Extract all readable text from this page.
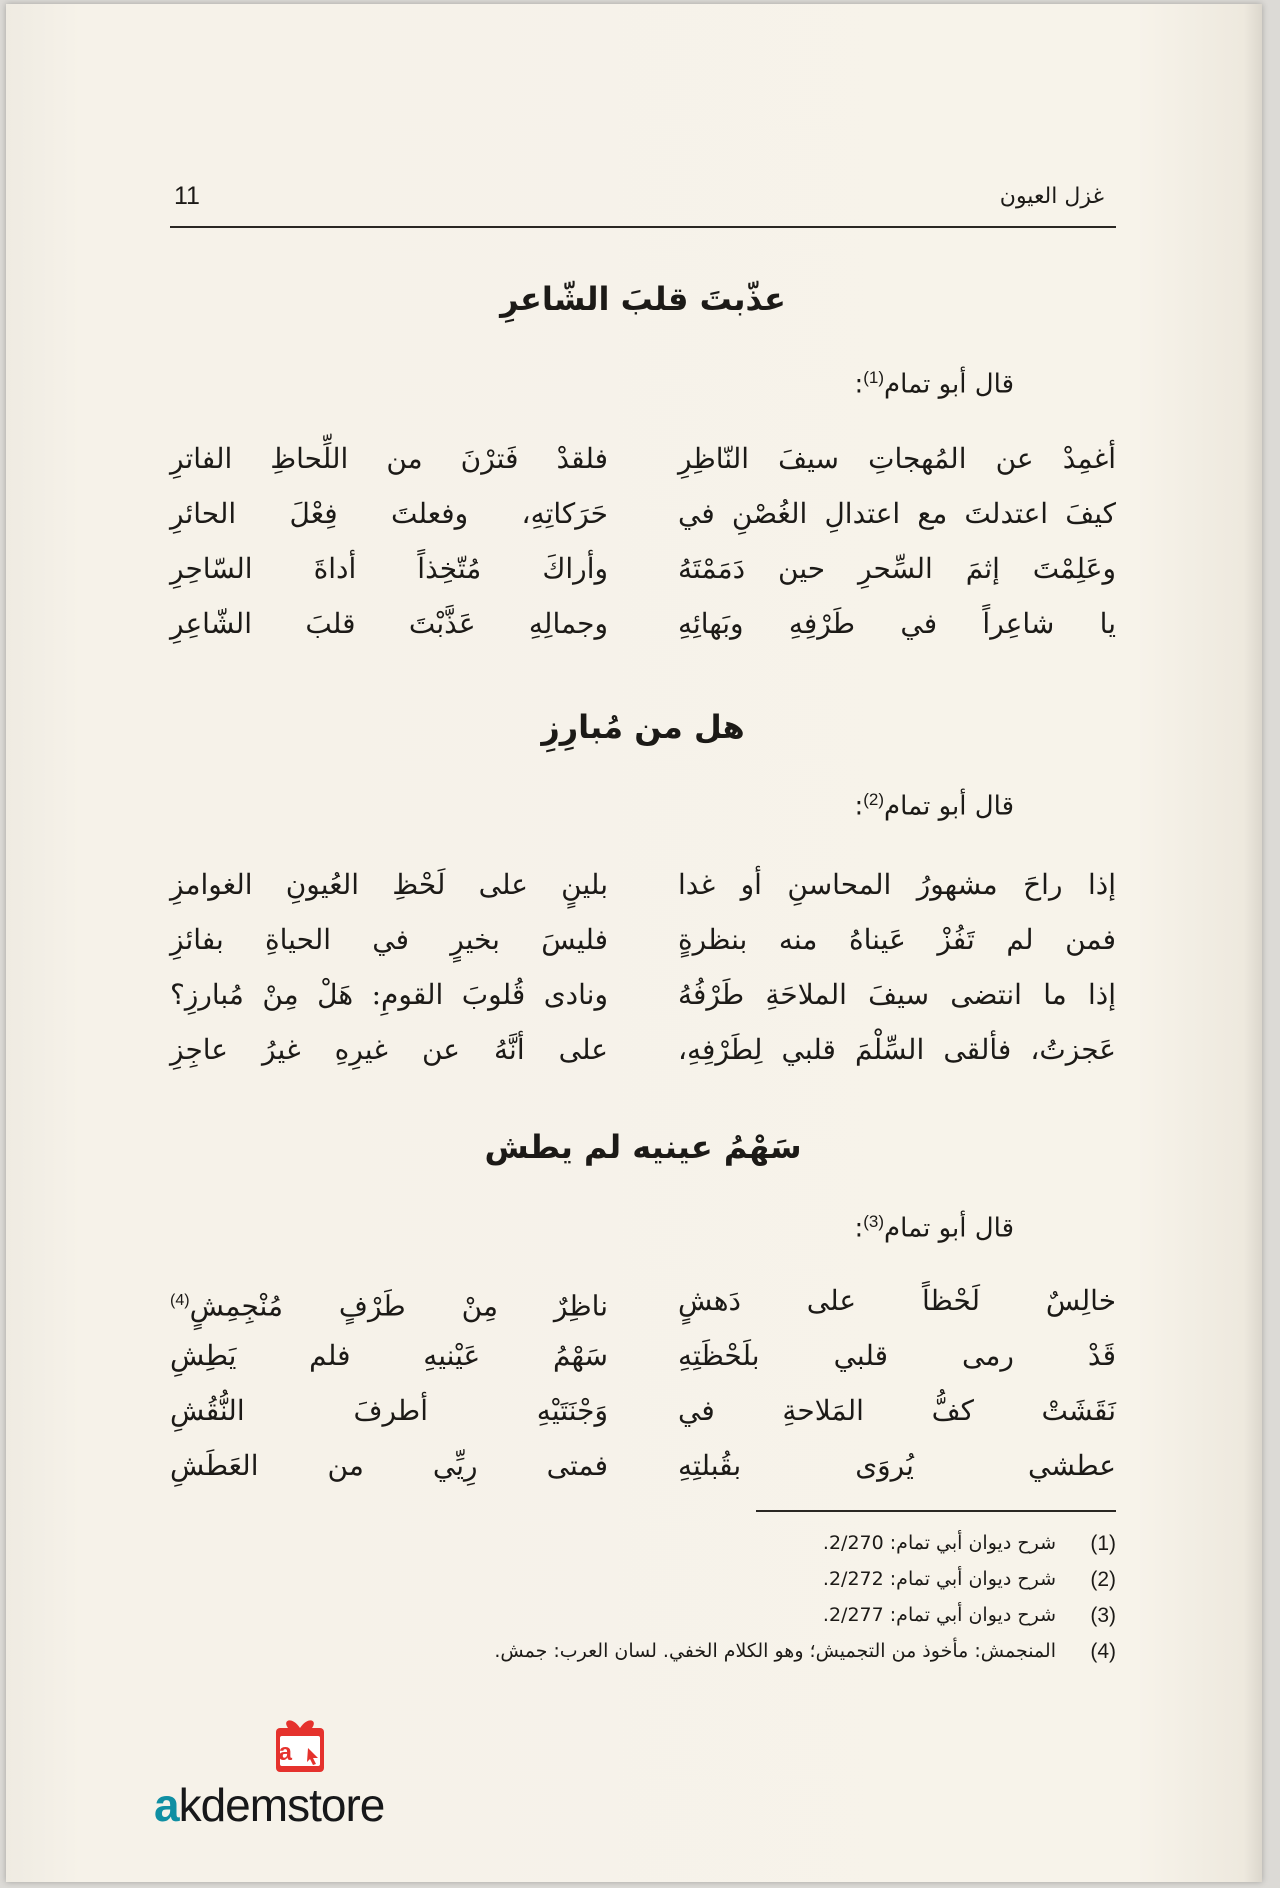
غزل العيون
11
عذّبتَ قلبَ الشّاعرِ
قال أبو تمام$^{(1)}$:
أغمِدْ عن المُهجاتِ سيفَ النّاظِرِ
فلقدْ فَترْنَ من اللِّحاظِ الفاترِ
كيفَ اعتدلتَ مع اعتدالِ الغُصْنِ في
حَرَكاتِهِ، وفعلتَ فِعْلَ الحائرِ
وعَلِمْتَ إثمَ السِّحرِ حين دَمَمْتَهُ
وأراكَ مُتّخِذاً أداةَ السّاحِرِ
يا شاعِراً في طَرْفِهِ وبَهائِهِ
وجمالِهِ عَذَّبْتَ قلبَ الشّاعِرِ
هل من مُبارِزِ
قال أبو تمام$^{(2)}$:
إذا راحَ مشهورُ المحاسنِ أو غدا
بلينٍ على لَحْظِ العُيونِ الغوامزِ
فمن لم تَفُزْ عَيناهُ منه بنظرةٍ
فليسَ بخيرٍ في الحياةِ بفائزِ
إذا ما انتضى سيفَ الملاحَةِ طَرْفُهُ
ونادى قُلوبَ القومِ: هَلْ مِنْ مُبارزِ؟
عَجزتُ، فألقى السِّلْمَ قلبي لِطَرْفِهِ،
على أنَّهُ عن غيرِهِ غيرُ عاجِزِ
سَهْمُ عينيه لم يطش
قال أبو تمام$^{(3)}$:
خالِسٌ لَحْظاً على دَهشٍ
ناظِرٌ مِنْ طَرْفٍ مُنْجِمِشٍ$^{(4)}$
قَدْ رمى قلبي بلَحْظَتِهِ
سَهْمُ عَيْنيهِ فلم يَطِشِ
نَقَشَتْ كفُّ المَلاحةِ في
وَجْنَتَيْهِ أطرفَ النُّقُشِ
عطشي يُروَى بقُبلتِهِ
فمتى رِيِّي من العَطَشِ
(1)
شرح ديوان أبي تمام: 2/270.
(2)
شرح ديوان أبي تمام: 2/272.
(3)
شرح ديوان أبي تمام: 2/277.
(4)
المنجمش: مأخوذ من التجميش؛ وهو الكلام الخفي. لسان العرب: جمش.
a
akdemstore
